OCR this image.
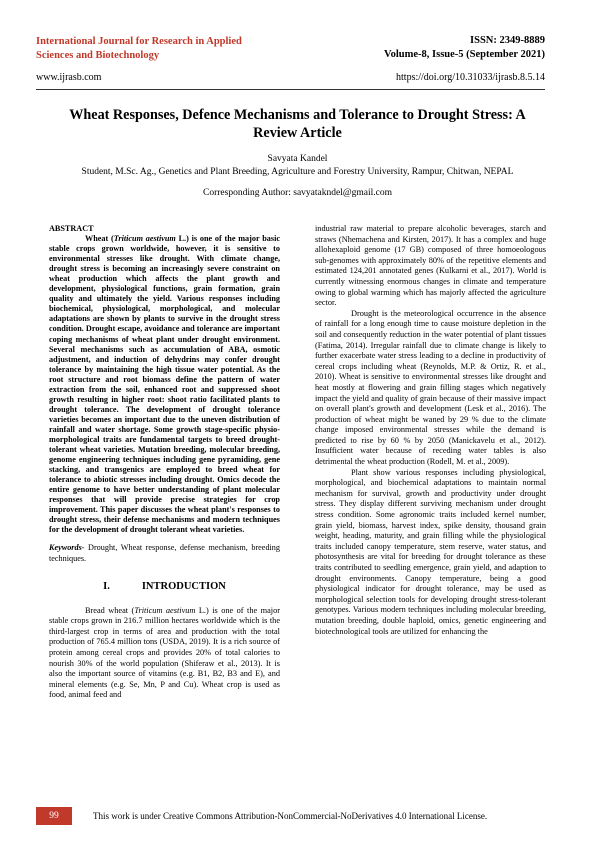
International Journal for Research in Applied Sciences and Biotechnology
ISSN: 2349-8889
Volume-8, Issue-5 (September 2021)
www.ijrasb.com	https://doi.org/10.31033/ijrasb.8.5.14
Wheat Responses, Defence Mechanisms and Tolerance to Drought Stress: A Review Article
Savyata Kandel
Student, M.Sc. Ag., Genetics and Plant Breeding, Agriculture and Forestry University, Rampur, Chitwan, NEPAL
Corresponding Author: savyatakndel@gmail.com
ABSTRACT

Wheat (Triticum aestivum L.) is one of the major basic stable crops grown worldwide, however, it is sensitive to environmental stresses like drought. With climate change, drought stress is becoming an increasingly severe constraint on wheat production which affects the plant growth and development, physiological functions, grain formation, grain quality and ultimately the yield. Various responses including biochemical, physiological, morphological, and molecular adaptations are shown by plants to survive in the drought stress condition. Drought escape, avoidance and tolerance are important coping mechanisms of wheat plant under drought environment. Several mechanisms such as accumulation of ABA, osmotic adjustment, and induction of dehydrins may confer drought tolerance by maintaining the high tissue water potential. As the root structure and root biomass define the pattern of water extraction from the soil, enhanced root and suppressed shoot growth resulting in higher root: shoot ratio facilitated plants to drought tolerance. The development of drought tolerance varieties becomes an important due to the uneven distribution of rainfall and water shortage. Some growth stage-specific physio-morphological traits are fundamental targets to breed drought-tolerant wheat varieties. Mutation breeding, molecular breeding, genome engineering techniques including gene pyramiding, gene stacking, and transgenics are employed to breed wheat for tolerance to abiotic stresses including drought. Omics decode the entire genome to have better understanding of plant molecular responses that will provide precise strategies for crop improvement. This paper discusses the wheat plant's responses to drought stress, their defense mechanisms and modern techniques for the development of drought tolerant wheat varieties.

Keywords- Drought, Wheat response, defense mechanism, breeding techniques.

I.	INTRODUCTION

Bread wheat (Triticum aestivum L.) is one of the major stable crops grown in 216.7 million hectares worldwide which is the third-largest crop in terms of area and production with the total production of 765.4 million tons (USDA, 2019). It is a rich source of protein among cereal crops and provides 20% of total calories to nourish 30% of the world population (Shiferaw et al., 2013). It is also the important source of vitamins (e.g. B1, B2, B3 and E), and mineral elements (e.g. Se, Mn, P and Cu). Wheat crop is used as food, animal feed and

industrial raw material to prepare alcoholic beverages, starch and straws (Nhemachena and Kirsten, 2017). It has a complex and huge allohexaploid genome (17 GB) composed of three homoeologous sub-genomes with approximately 80% of the repetitive elements and estimated 124,201 annotated genes (Kulkarni et al., 2017). World is currently witnessing enormous changes in climate and temperature owing to global warming which has majorly affected the agriculture sector.

Drought is the meteorological occurrence in the absence of rainfall for a long enough time to cause moisture depletion in the soil and consequently reduction in the water potential of plant tissues (Fatima, 2014). Irregular rainfall due to climate change is likely to further exacerbate water stress leading to a decline in productivity of cereal crops including wheat (Reynolds, M.P. & Ortiz, R. et al., 2010). Wheat is sensitive to environmental stresses like drought and heat mostly at flowering and grain filling stages which negatively impact the yield and quality of grain because of their massive impact on overall plant's growth and development (Lesk et al., 2016). The production of wheat might be waned by 29 % due to the climate change imposed environmental stresses while the demand is predicted to rise by 60 % by 2050 (Manickavelu et al., 2012). Insufficient water because of receding water tables is also detrimental the wheat production (Rodell, M. et al., 2009).

Plant show various responses including physiological, morphological, and biochemical adaptations to maintain normal mechanism for survival, growth and productivity under drought stress. They display different surviving mechanism under drought stress condition. Some agronomic traits included kernel number, grain yield, biomass, harvest index, spike density, thousand grain weight, heading, maturity, and grain filling while the physiological traits included canopy temperature, stem reserve, water status, and photosynthesis are vital for breeding for drought tolerance as these traits contributed to seedling emergence, grain yield, and adaption to drought environments. Canopy temperature, being a good physiological indicator for drought tolerance, may be used as morphological selection tools for developing drought stress-tolerant genotypes. Various modern techniques including molecular breeding, mutation breeding, double haploid, omics, genetic engineering and biotechnological tools are utilized for enhancing the

99	This work is under Creative Commons Attribution-NonCommercial-NoDerivatives 4.0 International License.
